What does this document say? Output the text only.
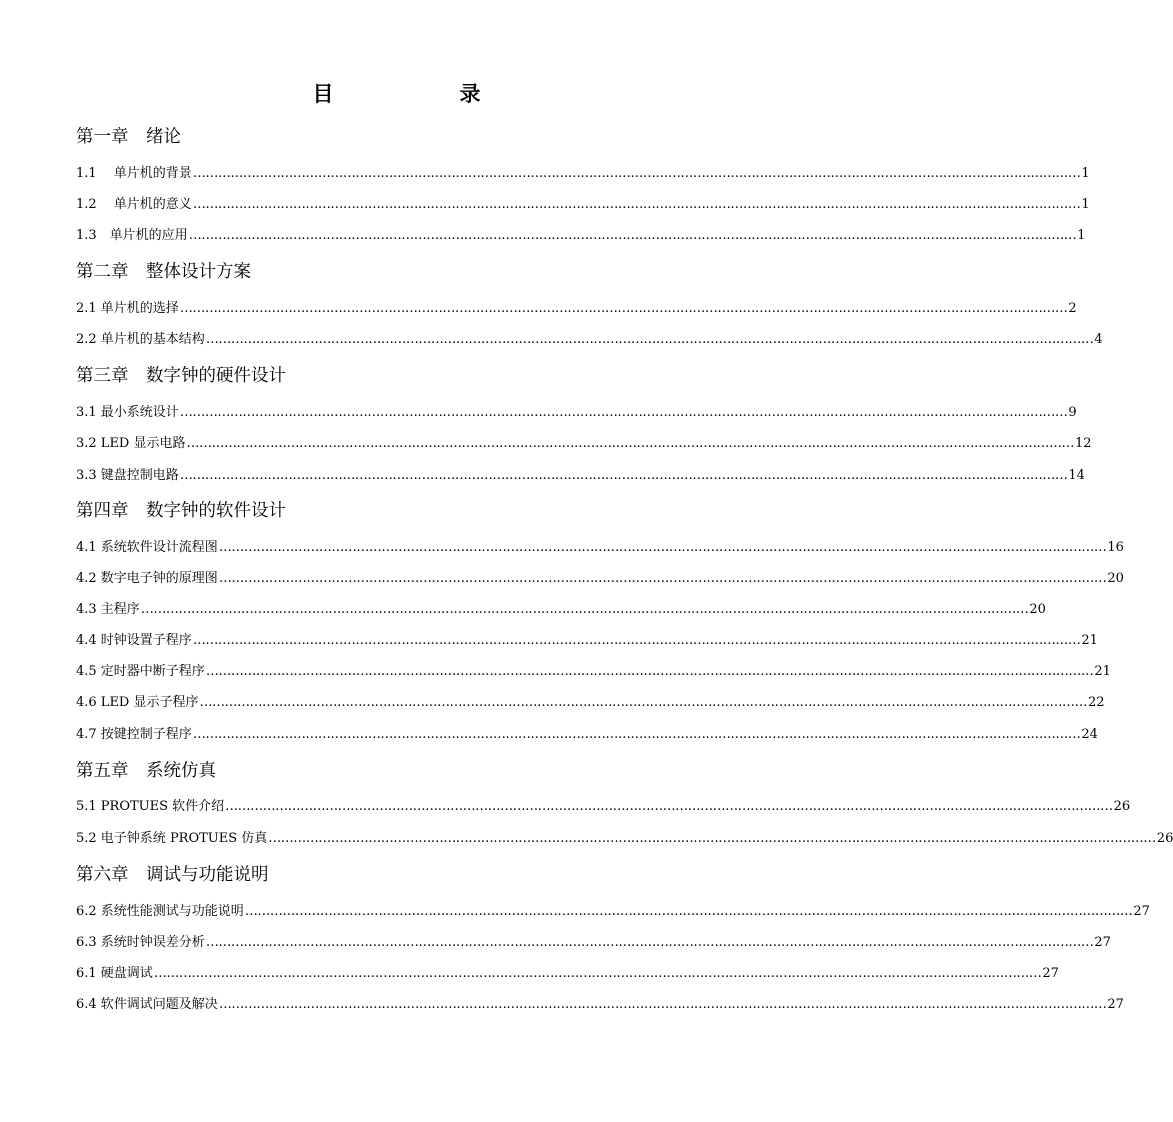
目　　录
第一章　绪论
1.1　 单片机的背景 …………………………………………………………………………………………………………………………………………………………………………………………… 1
1.2　 单片机的意义 …………………………………………………………………………………………………………………………………………………………………………………………… 1
1.3　单片机的应用 …………………………………………………………………………………………………………………………………………………………………………………………… 1
第二章　整体设计方案
2.1 单片机的选择 …………………………………………………………………………………………………………………………………………………………………………………………… 2
2.2 单片机的基本结构 …………………………………………………………………………………………………………………………………………………………………………………………… 4
第三章　数字钟的硬件设计
3.1 最小系统设计 …………………………………………………………………………………………………………………………………………………………………………………………… 9
3.2 LED 显示电路 …………………………………………………………………………………………………………………………………………………………………………………………… 12
3.3 键盘控制电路 …………………………………………………………………………………………………………………………………………………………………………………………… 14
第四章　数字钟的软件设计
4.1 系统软件设计流程图 …………………………………………………………………………………………………………………………………………………………………………………………… 16
4.2 数字电子钟的原理图 …………………………………………………………………………………………………………………………………………………………………………………………… 20
4.3 主程序 …………………………………………………………………………………………………………………………………………………………………………………………… 20
4.4 时钟设置子程序 …………………………………………………………………………………………………………………………………………………………………………………………… 21
4.5 定时器中断子程序 …………………………………………………………………………………………………………………………………………………………………………………………… 21
4.6 LED 显示子程序 …………………………………………………………………………………………………………………………………………………………………………………………… 22
4.7 按键控制子程序 …………………………………………………………………………………………………………………………………………………………………………………………… 24
第五章　系统仿真
5.1 PROTUES 软件介绍 …………………………………………………………………………………………………………………………………………………………………………………………… 26
5.2 电子钟系统 PROTUES 仿真 …………………………………………………………………………………………………………………………………………………………………………………………… 26
第六章　调试与功能说明
6.2 系统性能测试与功能说明 …………………………………………………………………………………………………………………………………………………………………………………………… 27
6.3 系统时钟误差分析 …………………………………………………………………………………………………………………………………………………………………………………………… 27
6.1 硬盘调试 …………………………………………………………………………………………………………………………………………………………………………………………… 27
6.4 软件调试问题及解决 …………………………………………………………………………………………………………………………………………………………………………………………… 27
